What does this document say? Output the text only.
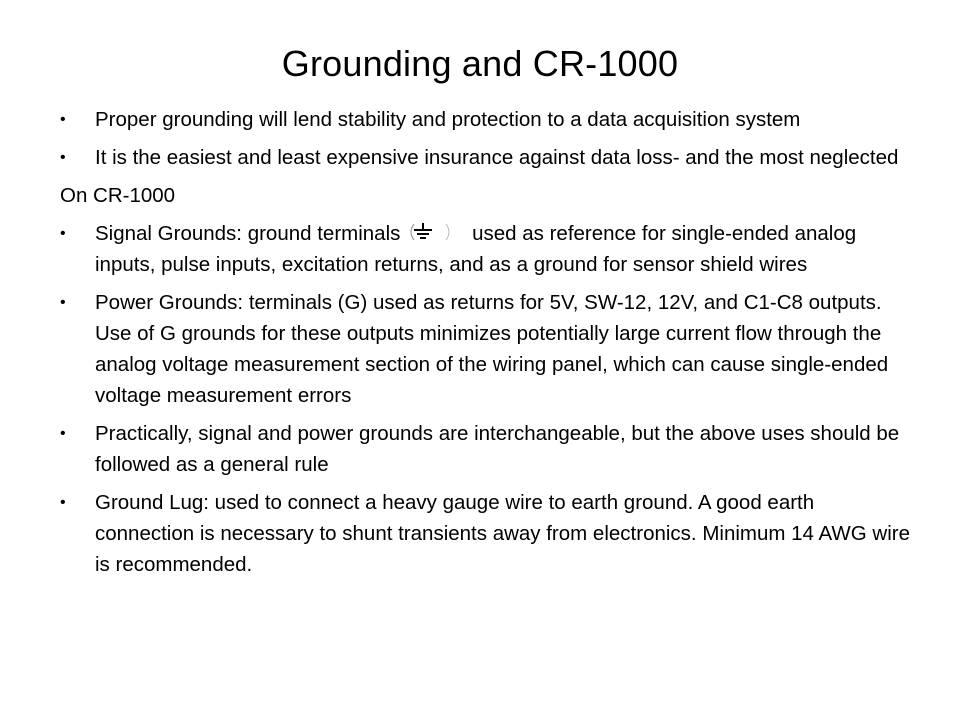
Grounding and CR-1000
•	Proper grounding will lend stability and protection to a data acquisition system
•	It is the easiest and least expensive insurance against data loss- and the most neglected
On CR-1000
•	Signal Grounds: ground terminals	used as reference for single-ended analog inputs, pulse inputs, excitation returns, and as a ground for sensor shield wires
•	Power Grounds: terminals (G) used as returns for 5V, SW-12, 12V, and C1-C8 outputs. Use of G grounds for these outputs minimizes potentially large current flow through the analog voltage measurement section of the wiring panel, which can cause single-ended voltage measurement errors
•	Practically, signal and power grounds are interchangeable, but the above uses should be followed as a general rule
•	Ground Lug: used to connect a heavy gauge wire to earth ground. A good earth connection is necessary to shunt transients away from electronics. Minimum 14 AWG wire is recommended.
